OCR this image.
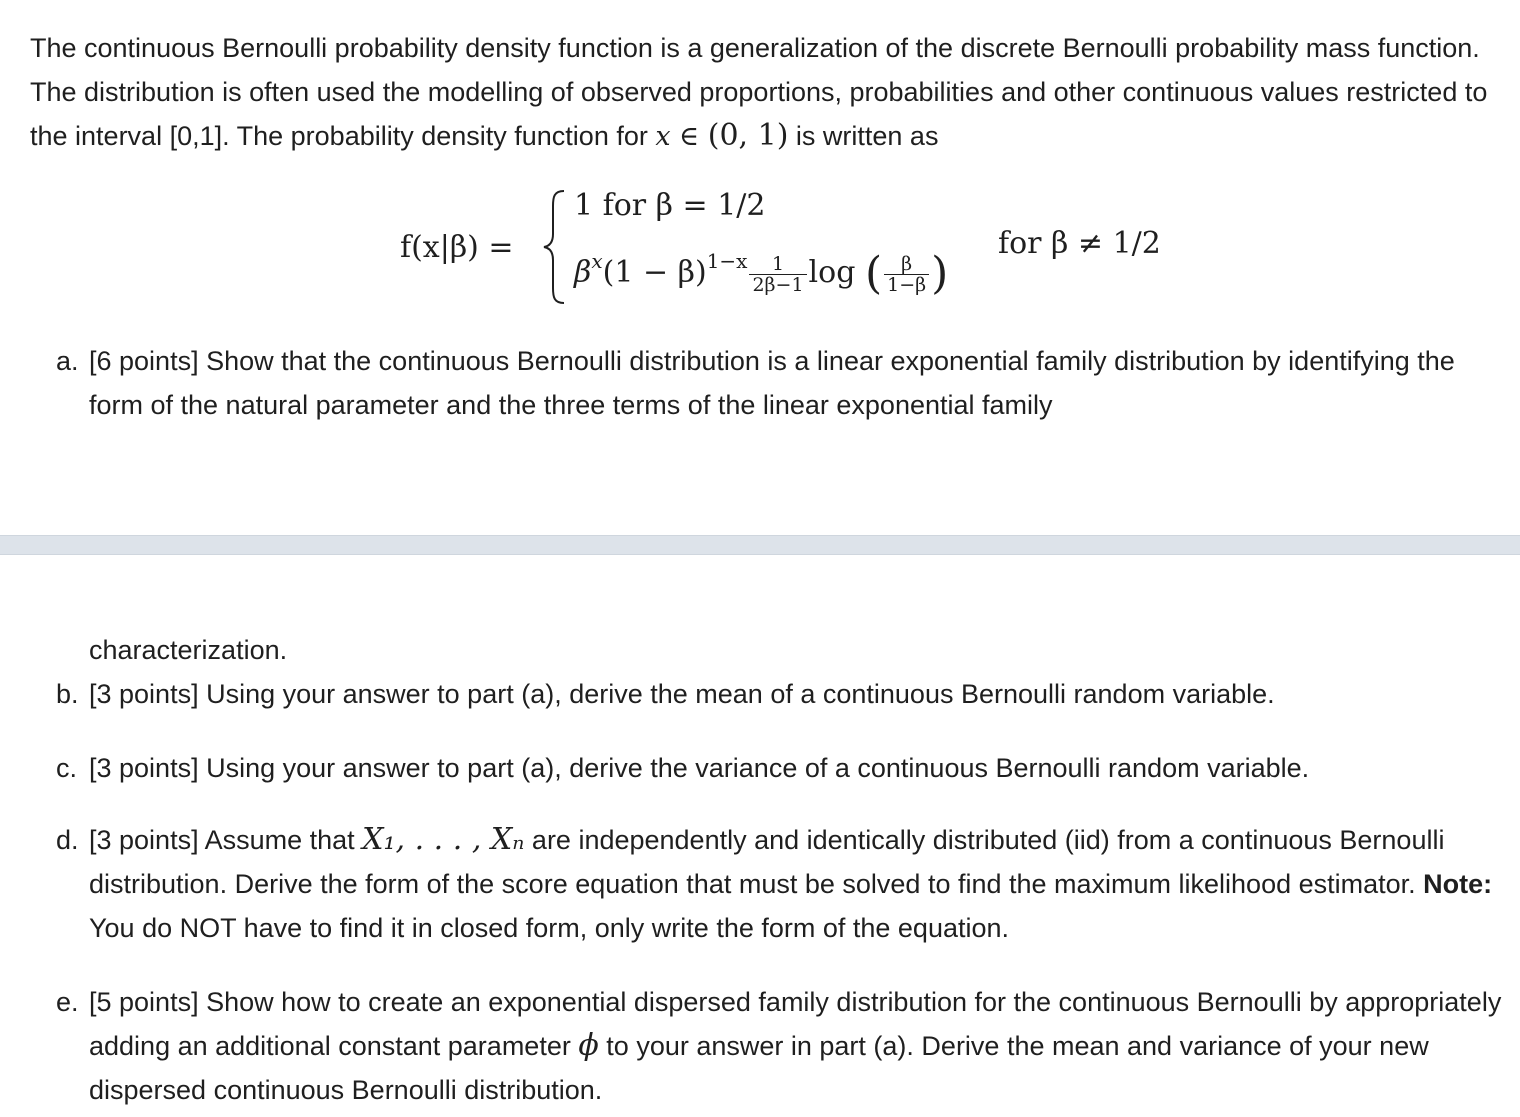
The continuous Bernoulli probability density function is a generalization of the discrete Bernoulli probability mass function. The distribution is often used the modelling of observed proportions, probabilities and other continuous values restricted to the interval [0,1]. The probability density function for x ∈ (0, 1) is written as

f(x|β) =
1 for β = 1/2
$\beta^x(1 - \beta)^{1-x} \frac{1}{2\beta-1}$ log ( $\frac{\beta}{1-\beta}$ )
for β ≠ 1/2
a. [6 points] Show that the continuous Bernoulli distribution is a linear exponential family distribution by identifying the form of the natural parameter and the three terms of the linear exponential family

characterization.

b. [3 points] Using your answer to part (a), derive the mean of a continuous Bernoulli random variable.
c. [3 points] Using your answer to part (a), derive the variance of a continuous Bernoulli random variable.
d. [3 points] Assume that X₁, . . . , Xₙ are independently and identically distributed (iid) from a continuous Bernoulli distribution. Derive the form of the score equation that must be solved to find the maximum likelihood estimator. Note: You do NOT have to find it in closed form, only write the form of the equation.
e. [5 points] Show how to create an exponential dispersed family distribution for the continuous Bernoulli by appropriately adding an additional constant parameter ϕ to your answer in part (a). Derive the mean and variance of your new dispersed continuous Bernoulli distribution.
